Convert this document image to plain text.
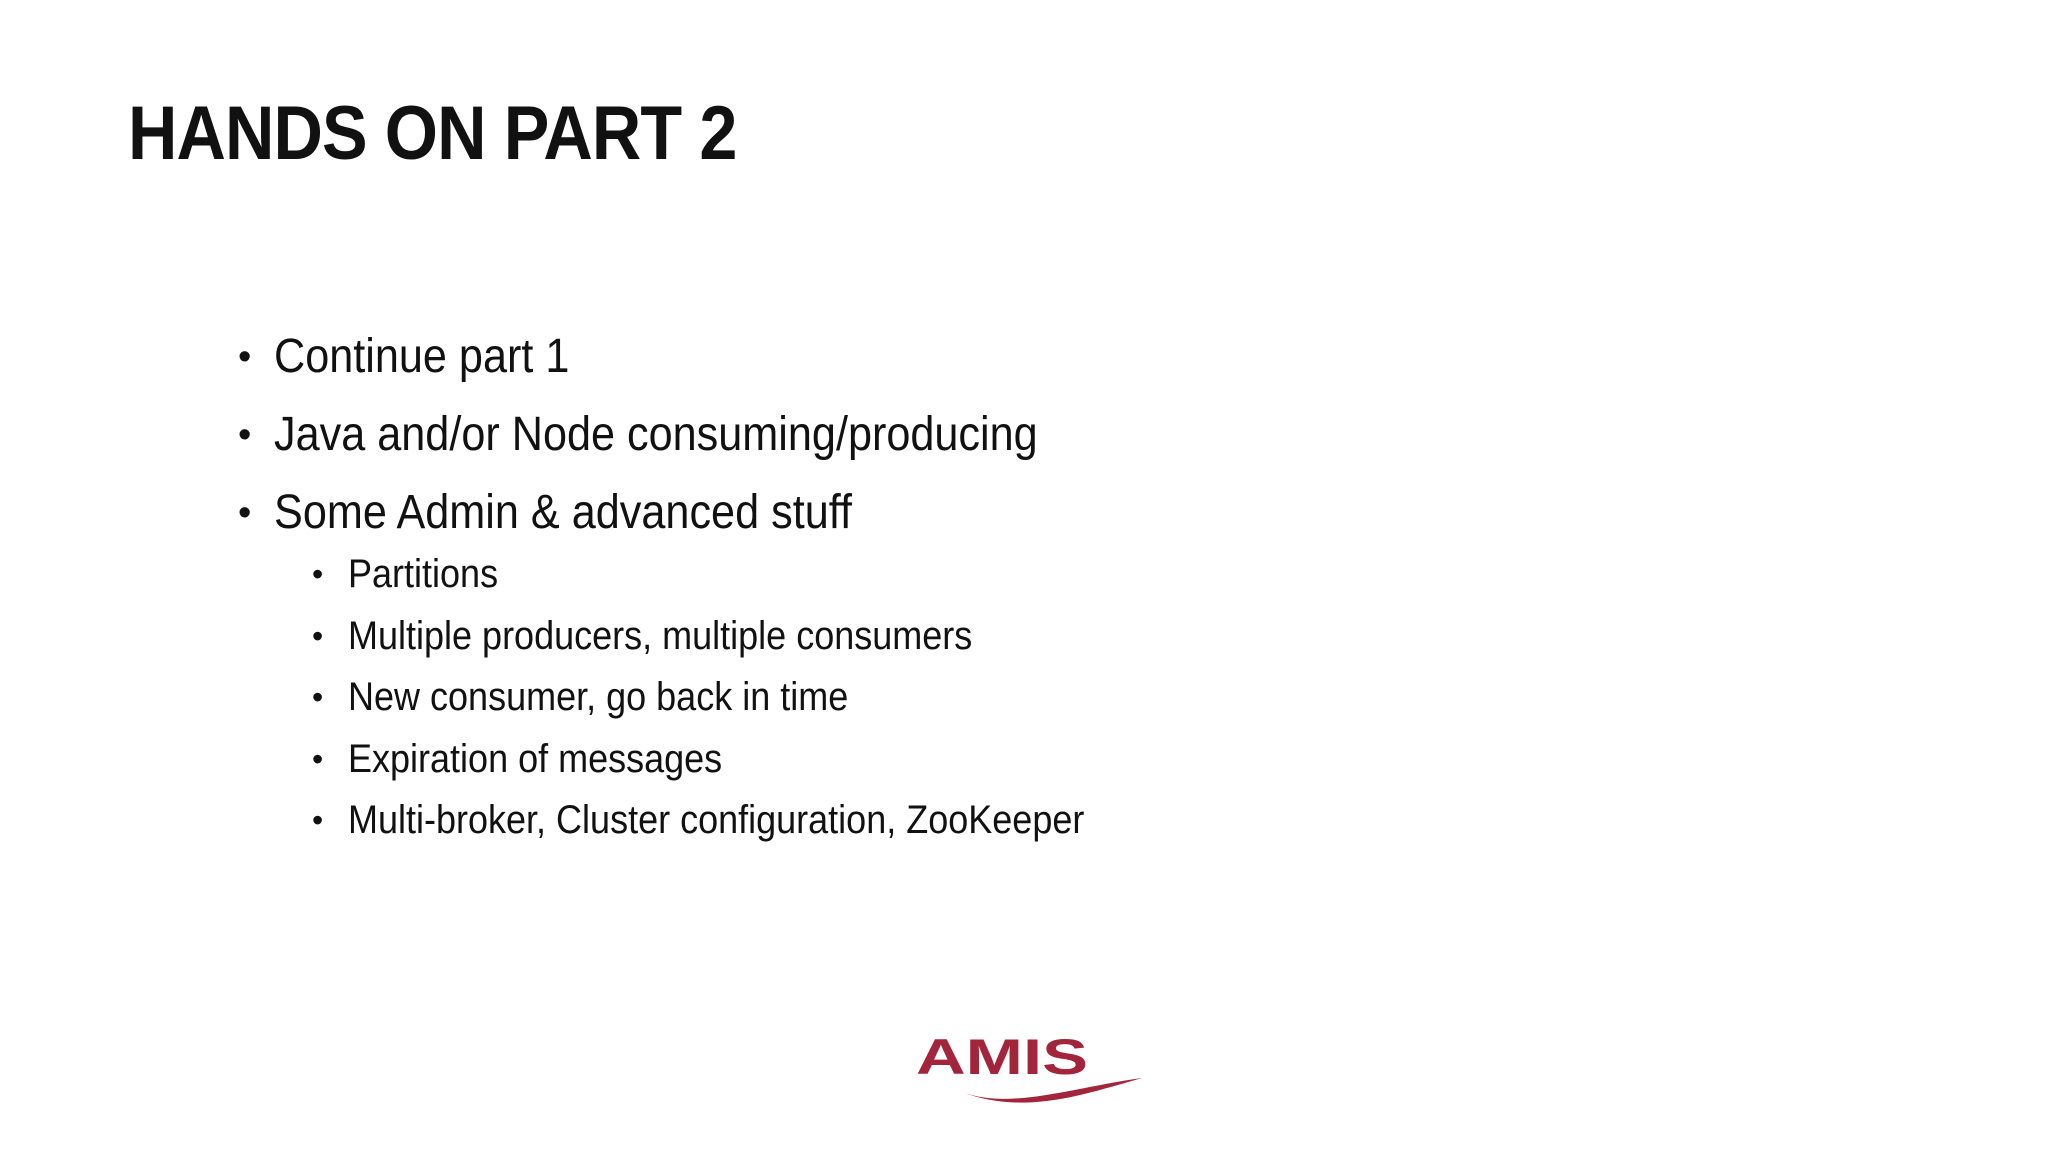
HANDS ON PART 2
• Continue part 1
• Java and/or Node consuming/producing
• Some Admin & advanced stuff
• Partitions
• Multiple producers, multiple consumers
• New consumer, go back in time
• Expiration of messages
• Multi-broker, Cluster configuration, ZooKeeper
AMIS
